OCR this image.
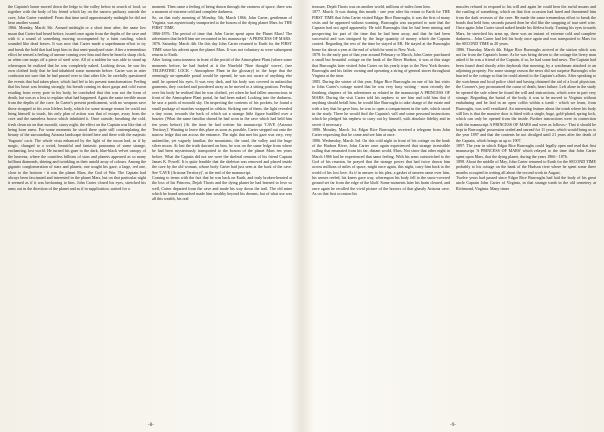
the Captain's home moved down the ledge to the valley below in search of food, so together with the body of his friend which lay on the narrow pathway outside the cave, John Carter vanished! From that time until approximately midnight he did not hear another sound.

1866. Monday, March 5th. Around midnight or a short time after, the same low moan that Carter had heard before, issued once again from the depths of the cave and with it a sound of something moving accompanied by a faint rustling, which sounded like dead leaves. It was now that Carter made a superhuman effort to try and break the hold that had kept him in that semi-paralysed state. After a tremendous effort he sensed a feeling of unease coming over him and then he heard a sharp click, as when one snaps off a piece of steel wire. All of a sudden he was able to stand up whereupon he realized that he was completely naked. Looking down, he saw his own clothed body that he had inhabited some moments before. Carter was in utter confusion not sure that he had passed over to that other life, he carefully questioned the events that had taken place, which had led to his present transformation. Feeling that his heart was beating strongly, his breath coming in short gasps and cold sweat exuding from every pore in his body, he concluded that this was not the form of death, but was as a loss to explain what had happened. Again the same terrible moan from the depths of the cave. In Carter's present predicament, with no weapons save those strapped to his own lifeless body, which for some strange reason he could not bring himself to touch, his only plan of action was that of escape, away from the cave and the nameless horror which inhabited it. Once outside, breathing the cold, fresh clean air on that moonlit, starry night, the effect on the Captain was like that of being born anew. For some moments he stood there quite still contemplating the beauty of the surrounding Arizona landscape dotted here and there with the majestic 'Saguaro' cacti. The whole vista enhanced by the light of the moon had, as if by magic, changed to a weird, beautiful and fantastic panorama of some strange, enchanting, lost world. He turned his gaze to the dark, blue-black velvet canopy of the heavens, where the countless billions of stars and planets appeared as so many brilliant diamonds, shining and twinkling as their untold array of colours. Among the gigantic conglomeration of stars and planets, one sought his gaze, a large, red one, close to the horizon - it was the planet Mars, the God of War. The Captain had always been fascinated and interested in the planet Mars, but on that particular night it seemed as if it was beckoning to him. John Carter closed his eyes, stretched his arms out in the direction of the planet and as if in supplication, waited for a

moment. Then came a feeling of being drawn through the vastness of space, there was a moment of extreme cold and complete darkness.

So, on that early morning of Monday, 5th, March 1866, John Carter, gentleman of Virginia, was mysteriously transported to the bosom of the dying planet Mars for THE FIRST TIME.

1866-1876. The period of time that John Carter spent upon the Planet Mars! The adventures that befell him are recounted in his manuscript - A PRINCESS OF MARS.

1876. Saturday, March 4th. On this day John Carter returned to Earth for the FIRST TIME since his advent upon the planet Mars. It was not voluntary as were subsequent returns to Earth.

After losing consciousness in front of the portal of the Atmosphere Plant (where some moments before, he had hurled at it the Ninefold 'Nine thought' waves', (see TELEPATHIC LOCK - Atmosphere Plant in the glossary) in the hope that the seemingly un-openable portal would be opened, he was not aware of anything else until he opened his eyes. It was very dark, and his body was covered in unfamiliar garments, they cracked and powdered away as he moved to a sitting position. Feeling over his body he realised that he was clothed, yet when he had fallen unconscious in front of the Atmosphere Plant portal, he had been naked. Looking into the darkness, he saw a patch of moonlit sky. On inspecting the contents of his pockets, he found a small package of matches wrapped in oilskin. Striking one of them, the light revealed a tiny room, towards the back of which sat a strange little figure huddled over a brazier. (What the same familiar shroud he had worn in the cave which had held him ten years before) (At the time he had written his manuscript 'CAVE (Arizona Territory)'. Wanting to leave this place as soon as possible, Carter stepped out onto the narrow ledge that ran across the entrance. The sight that met his gaze was very, very unfamiliar, yet vaguely familiar, the mountains, the sand, the valley and the huge silver moon. At last the truth dawned on him, he was on the same ledge from where he had been mysteriously transported to the bosom of the planet Mars ten years before. What the Captain did not see were the skeletal remains of his friend Captain James K. Powell. It is quite feasible that the skeleton was removed and placed inside the cave by the old woman, whose body Carter had just seen at the back of the cave. See 'CAVE (Arizona Territory)', at the end of the manuscript.

Coming to terms with the fact that he was back on Earth, and truly broken-hearted at the loss of his Princess, Dejah Thoris and the dying planet he had learned to love so well, Carter departed from the cave and made his way down the trail. The old mine which he found untouched made him wealthy beyond his dreams, but of what use was all this wealth, his real

-8-

treasure, Dejah Thoris was on another world, millions of miles from him.

1877. March. It was during this month - one year after his return to Earth for THE FIRST TIME that John Carter visited Edgar Rice Burroughs, it was the first of many visits and he appeared without warning. Burroughs was surprised to note that the Captain had not aged apparently. He told Burroughs that he had been mining and prospecting for part of the time that he had been away, and that he had been successful and was intrigued by the large quantity of money which the Captain carried. Regarding the rest of the time he stayed at ER. He stayed at the Burroughs home for about a year at the end of which he went to New York.

1878. In the early part of that year around February or March, John Carter purchased a small but beautiful cottage on the bank of the River Hudson, it was at this stage that Burroughs later visited John Carter on his yearly trips to the New York theater. Burroughs and his father owning and operating a string of general stores throughout Virginia at the time.

1885. During the winter of this year, Edgar Rice Burroughs on one of his last visits to John Carter's cottage noted that he was very busy writing - most recently the finishing chapters of his adventures as related in the manuscript A PRINCESS OF MARS. During the visit Carter told his nephew to see him and told him that if anything should befall him, he would like Burroughs to take charge of the estate and with a key that he gave him, he was to open a compartment in the safe, which stood in the study. There he would find the Captain's will and some personal instructions which he pledged his nephew to carry out by himself, with absolute fidelity and in secret if necessary.

1886. Monday, March 1st. Edgar Rice Burroughs received a telegram from John Carter requesting that he come and see him at once.

1886. Wednesday, March 3rd. On this cold night in front of his cottage on the bank of the Hudson River, John Carter once again experienced that strange irresistible calling that emanated from his far, distant world, Mars. Not since that other night in March 1866 had he experienced that same feeling. With his arms outstretched to the God of his reunion, he prayed that the strange power that had twice drawn him across millions of miles of space, might once again, this night, carry him back to the world of his lost love. As if in answer to his plea, a gasket of unseen came over him, his senses reeled, his knees gave way, whereupon his body fell to the snow-covered ground set far from the edge of the bluff. Some moments later his brain cleared, and once again he recalled the vivid picture of the horrors of that ghastly Arizona cave. As on that first occasion his

muscles refused to respond to his will and again he could hear the awful moans and the rustling of something, which on that first occasion had lured and threatened him from the dark recesses of the cave. He made the same tremendous effort to break the bonds that held him; seconds passed then he slid like the snapping of taut steel wire. Once again John Carter stood naked beside his lifeless body. Turning his eyes towards Mars, he stretched his arms up, there was an instant of extreme cold and complete darkness... John Carter had left his body once again and was transported to Mars for the SECOND TIME in 20 years.

1886. Thursday, March 4th. Edgar Rice Burroughs arrived at the station which was not far from the Captain's home. As he was being driven to the cottage the livery man asked if he was a friend of the Captain, if so, he had some bad news. The Captain had been found dead shortly after daybreak that morning, by a watchman attached to an adjoining property. For some strange reason the news did not surprise Burroughs who hurried to the cottage so that he could attend to the Captain's affairs. After speaking to the watchman and local police chief and having obtained the aid of a local physician, the Coroner's jury pronounced the cause of death, heart failure. Left alone in the study he opened the safe where he found the will and instructions, which were in part very strange. Regarding the burial of the body, it was to be moved to Virginia without embalming and be laid in an open coffin within a tomb - which we learn, from Burroughs, was well ventilated. An interesting feature about the tomb where his body still lies is that the massive door is fitted with a single, huge, gold-plated, spring lock, which can only be opened from the inside. Further instructions were in connection with the manuscript A PRINCESS OF MARS and were as follows:- That it should be kept in Burroughs' possession sealed and unread for 11 years, which would bring us to the year 1897 and that the contents be not divulged until 21 years after the death of the Captain, which brings us up to 1907.

1897. The year in which Edgar Rice Burroughs could legally open and read that first manuscript 'A PRINCESS OF MARS' which relayed to the time that John Carter spent upon Mars, that the dying planet, during the years 1866 - 1876.

1898. About the middle of May, John Carter returned to Earth for the SECOND TIME probably to his cottage on the bank of the Hudson river where he spent some three months occupied in writing all about the second work in August.

Twelve years had passed since Edgar Rice Burroughs had laid the body of his great uncle Captain John Carter of Virginia, in that strange tomb in the old cemetery at Richmond, Virginia. Many times

-9-
